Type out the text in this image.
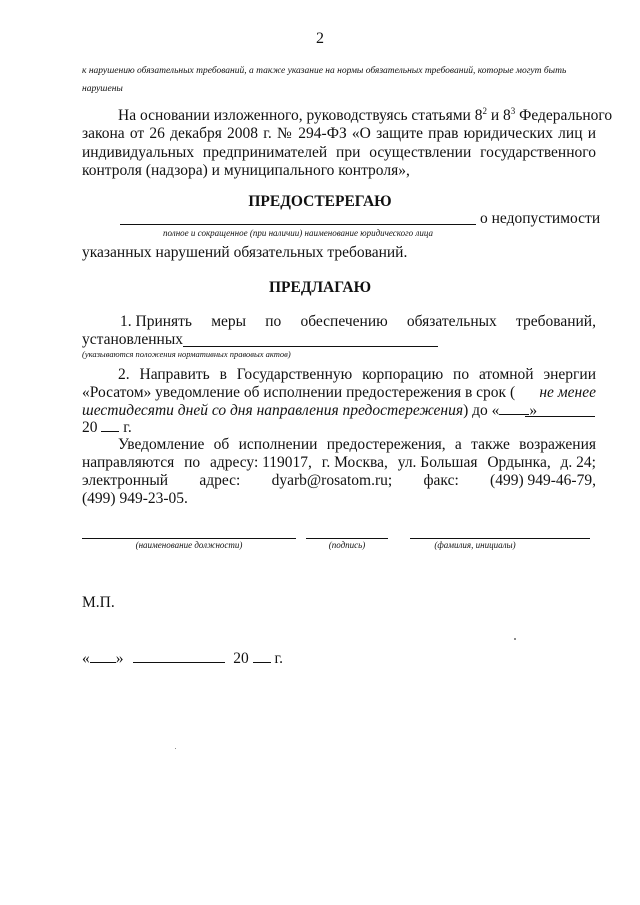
2
к нарушению обязательных требований, а также указание на нормы обязательных требований, которые могут быть
нарушены
На основании изложенного, руководствуясь статьями $8^2$ и $8^3$ Федерального
закона от 26 декабря 2008 г. № 294-ФЗ «О защите прав юридических лиц и
индивидуальных предпринимателей при осуществлении государственного
контроля (надзора) и муниципального контроля»,
ПРЕДОСТЕРЕГАЮ
о недопустимости
полное и сокращенное (при наличии) наименование юридического лица
указанных нарушений обязательных требований.
ПРЕДЛАГАЮ
1. Принять меры по обеспечению обязательных требований,
установленных
(указываются положения нормативных правовых актов)
2. Направить в Государственную корпорацию по атомной энергии
«Росатом» уведомление об исполнении предостережения в срок ( не менее
шестидесяти дней со дня направления предостережения) до « »
20 г.
Уведомление об исполнении предостережения, а также возражения
направляются по адресу: 119017, г. Москва, ул. Большая Ордынка, д. 24;
электронный адрес: dyarb@rosatom.ru; факс: (499) 949-46-79,
(499) 949-23-05.
(наименование должности)	(подпись)	(фамилия, инициалы)
М.П.
« »	20 г.
